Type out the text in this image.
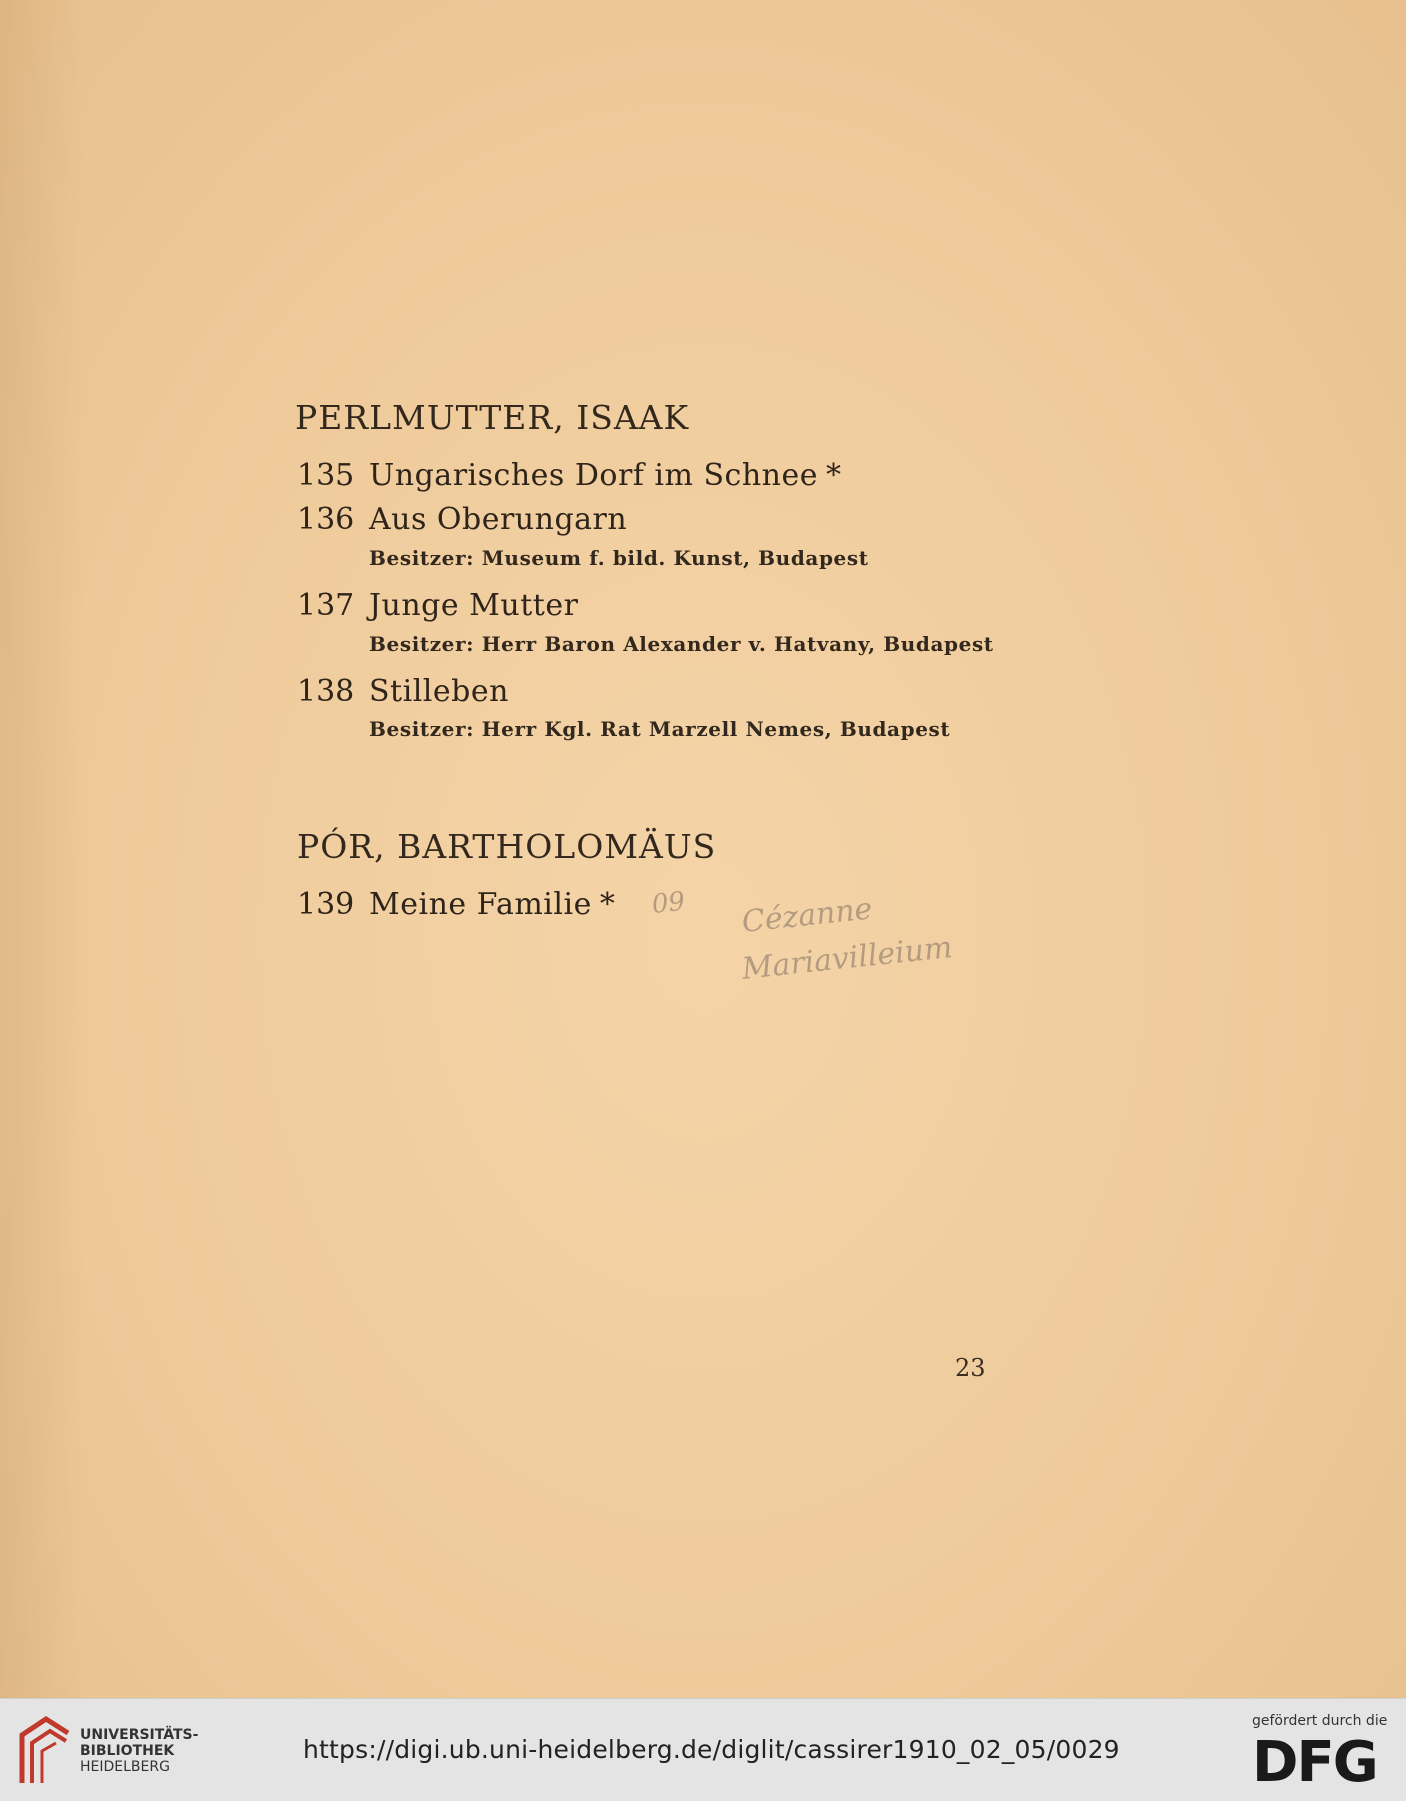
PERLMUTTER, ISAAK
135 Ungarisches Dorf im Schnee *
136 Aus Oberungarn
Besitzer: Museum f. bild. Kunst, Budapest
137 Junge Mutter
Besitzer: Herr Baron Alexander v. Hatvany, Budapest
138 Stilleben
Besitzer: Herr Kgl. Rat Marzell Nemes, Budapest
PÓR, BARTHOLOMÄUS
139 Meine Familie * 09 Cézanne
Mariavilleium
23
UNIVERSITÄTS-
BIBLIOTHEK
HEIDELBERG
https://digi.ub.uni-heidelberg.de/diglit/cassirer1910_02_05/0029
gefördert durch die
DFG
